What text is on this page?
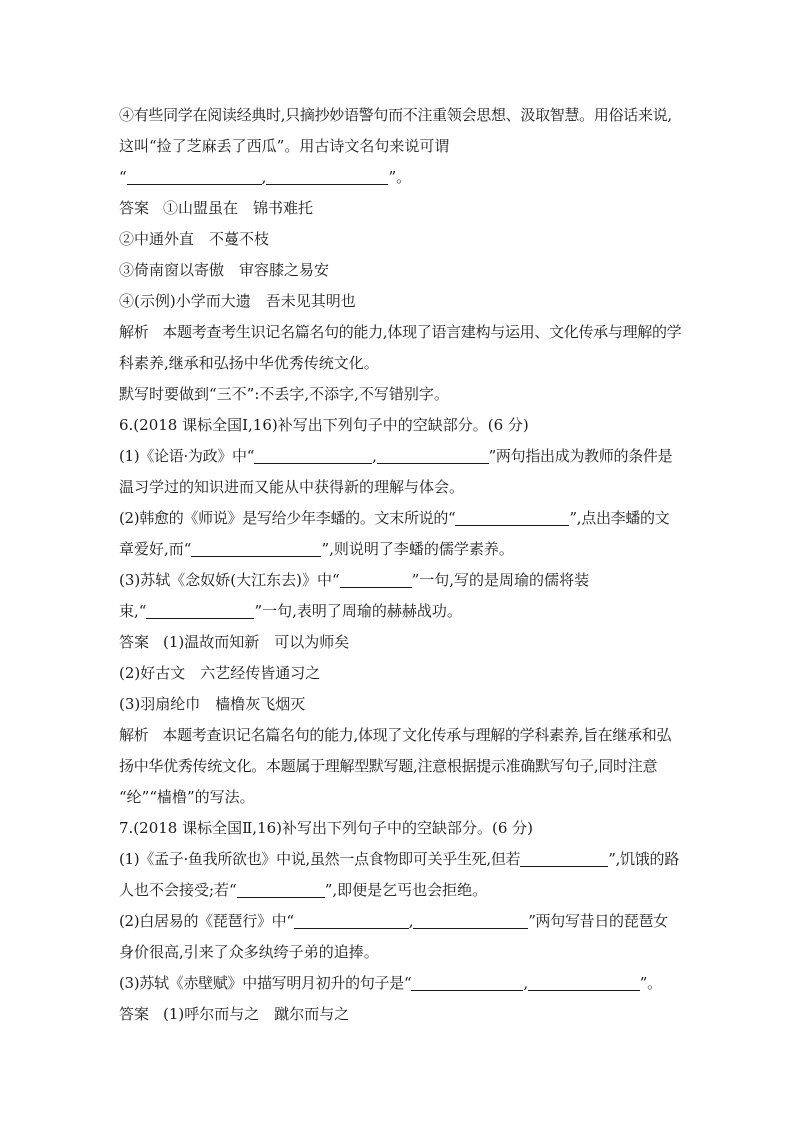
④有些同学在阅读经典时,只摘抄妙语警句而不注重领会思想、汲取智慧。用俗话来说,
这叫“捡了芝麻丢了西瓜”。用古诗文名句来说可谓
“	,	”。
答案 ①山盟虽在　锦书难托
②中通外直　不蔓不枝
③倚南窗以寄傲　审容膝之易安
④(示例)小学而大遗　吾未见其明也
解析 本题考查考生识记名篇名句的能力,体现了语言建构与运用、文化传承与理解的学
科素养,继承和弘扬中华优秀传统文化。
默写时要做到“三不”:不丢字,不添字,不写错别字。
6.(2018 课标全国Ⅰ,16)补写出下列句子中的空缺部分。(6 分)
(1)《论语·为政》中“	,	”两句指出成为教师的条件是
温习学过的知识进而又能从中获得新的理解与体会。
(2)韩愈的《师说》是写给少年李蟠的。文末所说的“	”,点出李蟠的文
章爱好,而“	”,则说明了李蟠的儒学素养。
(3)苏轼《念奴娇(大江东去)》中“	”一句,写的是周瑜的儒将装
束,“	”一句,表明了周瑜的赫赫战功。
答案 (1)温故而知新　可以为师矣
(2)好古文　六艺经传皆通习之
(3)羽扇纶巾　樯橹灰飞烟灭
解析 本题考查识记名篇名句的能力,体现了文化传承与理解的学科素养,旨在继承和弘
扬中华优秀传统文化。本题属于理解型默写题,注意根据提示准确默写句子,同时注意
“纶”“樯橹”的写法。
7.(2018 课标全国Ⅱ,16)补写出下列句子中的空缺部分。(6 分)
(1)《孟子·鱼我所欲也》中说,虽然一点食物即可关乎生死,但若	”,饥饿的路
人也不会接受;若“	”,即便是乞丐也会拒绝。
(2)白居易的《琵琶行》中“	,	”两句写昔日的琵琶女
身价很高,引来了众多纨绔子弟的追捧。
(3)苏轼《赤壁赋》中描写明月初升的句子是“	,	”。
答案 (1)呼尔而与之　蹴尔而与之
